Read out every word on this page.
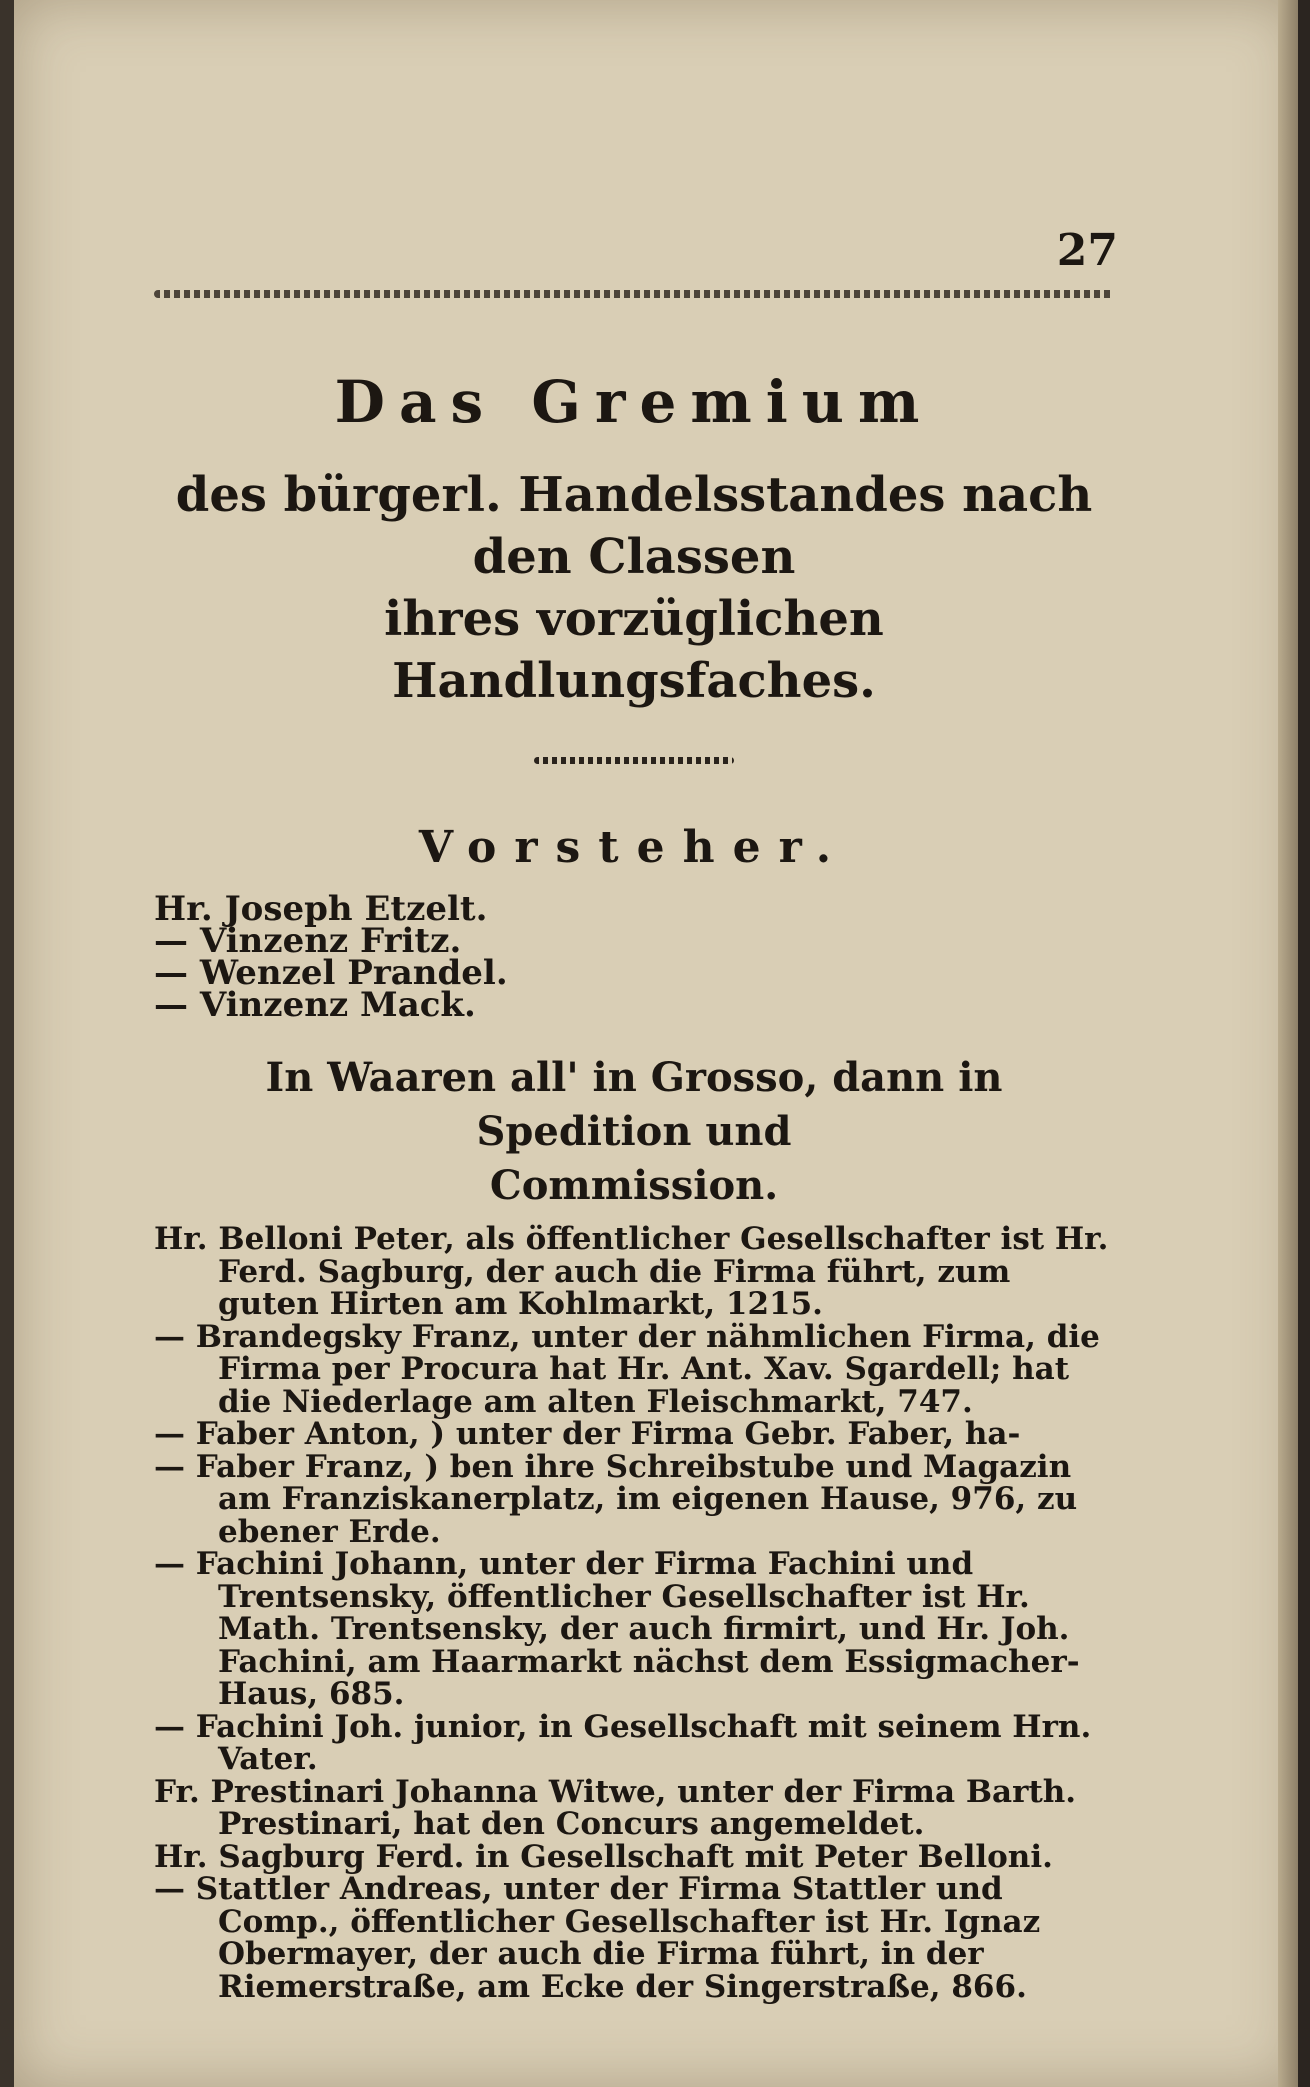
27
Das Gremium
des bürgerl. Handelsstandes nach den Classen
ihres vorzüglichen Handlungsfaches.
Vorsteher.
Hr. Joseph Etzelt.
— Vinzenz Fritz.
— Wenzel Prandel.
— Vinzenz Mack.
In Waaren all' in Grosso, dann in Spedition und
Commission.
Hr. Belloni Peter, als öffentlicher Gesellschafter ist Hr. Ferd. Sagburg, der auch die Firma führt, zum guten Hirten am Kohlmarkt, 1215.
— Brandegsky Franz, unter der nähmlichen Firma, die Firma per Procura hat Hr. Ant. Xav. Sgardell; hat die Niederlage am alten Fleischmarkt, 747.
— Faber Anton, ) unter der Firma Gebr. Faber, ha-
— Faber Franz, ) ben ihre Schreibstube und Magazin am Franziskanerplatz, im eigenen Hause, 976, zu ebener Erde.
— Fachini Johann, unter der Firma Fachini und Trentsensky, öffentlicher Gesellschafter ist Hr. Math. Trentsensky, der auch firmirt, und Hr. Joh. Fachini, am Haarmarkt nächst dem Essigmacher-Haus, 685.
— Fachini Joh. junior, in Gesellschaft mit seinem Hrn. Vater.
Fr. Prestinari Johanna Witwe, unter der Firma Barth. Prestinari, hat den Concurs angemeldet.
Hr. Sagburg Ferd. in Gesellschaft mit Peter Belloni.
— Stattler Andreas, unter der Firma Stattler und Comp., öffentlicher Gesellschafter ist Hr. Ignaz Obermayer, der auch die Firma führt, in der Riemerstraße, am Ecke der Singerstraße, 866.
